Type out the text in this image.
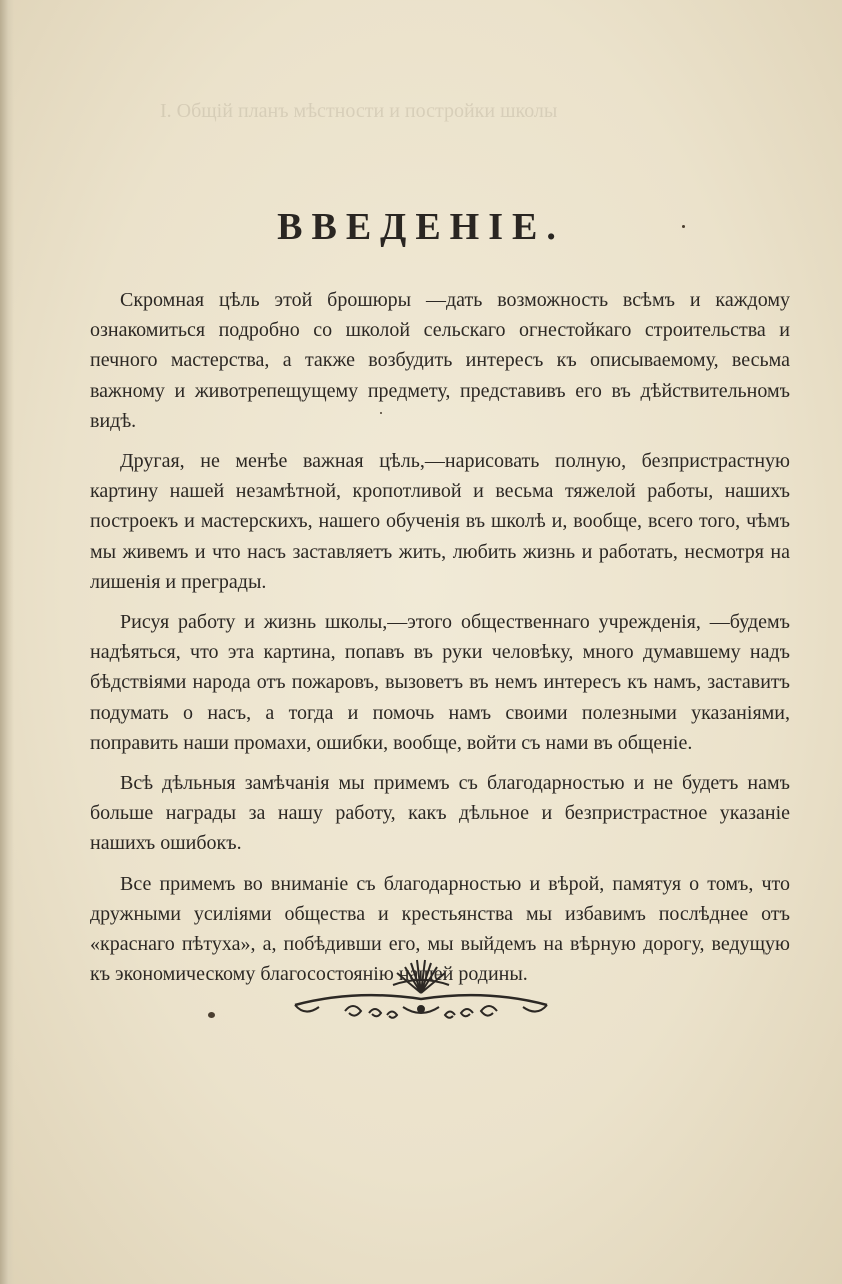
I. Общiй планъ мѣстности и постройки школы
ВВЕДЕНIЕ.

Скромная цѣль этой брошюры —дать возможность всѣмъ и каждому ознакомиться подробно со школой сельскаго огнестойкаго строительства и печного мастерства, а также возбудить интересъ къ описываемому, весьма важному и животрепещущему предмету, представивъ его въ дѣйствительномъ видѣ.

Другая, не менѣе важная цѣль,—нарисовать полную, безпристрастную картину нашей незамѣтной, кропотливой и весьма тяжелой работы, нашихъ построекъ и мастерскихъ, нашего обученiя въ школѣ и, вообще, всего того, чѣмъ мы живемъ и что насъ заставляетъ жить, любить жизнь и работать, несмотря на лишенiя и преграды.

Рисуя работу и жизнь школы,—этого общественнаго учрежденiя, —будемъ надѣяться, что эта картина, попавъ въ руки человѣку, много думавшему надъ бѣдствiями народа отъ пожаровъ, вызоветъ въ немъ интересъ къ намъ, заставитъ подумать о насъ, а тогда и помочь намъ своими полезными указанiями, поправить наши промахи, ошибки, вообще, войти съ нами въ общенiе.

Всѣ дѣльныя замѣчанiя мы примемъ съ благодарностью и не будетъ намъ больше награды за нашу работу, какъ дѣльное и безпристрастное указанiе нашихъ ошибокъ.

Все примемъ во вниманiе съ благодарностью и вѣрой, памятуя о томъ, что дружными усилiями общества и крестьянства мы избавимъ послѣднее отъ «краснаго пѣтуха», а, побѣдивши его, мы выйдемъ на вѣрную дорогу, ведущую къ экономическому благосостоянiю нашей родины.
